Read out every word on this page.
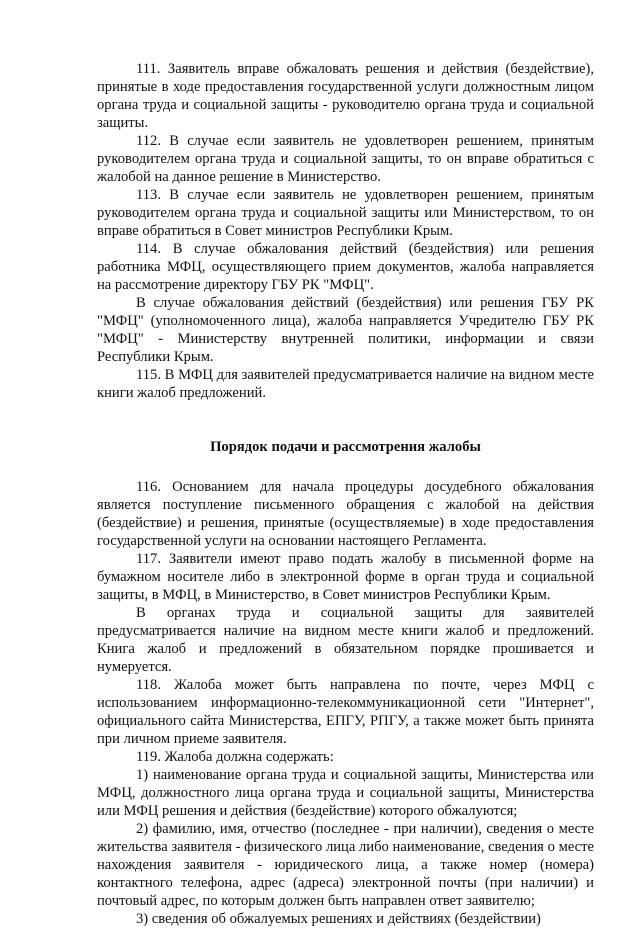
111. Заявитель вправе обжаловать решения и действия (бездействие), принятые в ходе предоставления государственной услуги должностным лицом органа труда и социальной защиты - руководителю органа труда и социальной защиты.

112. В случае если заявитель не удовлетворен решением, принятым руководителем органа труда и социальной защиты, то он вправе обратиться с жалобой на данное решение в Министерство.

113. В случае если заявитель не удовлетворен решением, принятым руководителем органа труда и социальной защиты или Министерством, то он вправе обратиться в Совет министров Республики Крым.

114. В случае обжалования действий (бездействия) или решения работника МФЦ, осуществляющего прием документов, жалоба направляется на рассмотрение директору ГБУ РК "МФЦ".

В случае обжалования действий (бездействия) или решения ГБУ РК "МФЦ" (уполномоченного лица), жалоба направляется Учредителю ГБУ РК "МФЦ" - Министерству внутренней политики, информации и связи Республики Крым.

115. В МФЦ для заявителей предусматривается наличие на видном месте книги жалоб предложений.

Порядок подачи и рассмотрения жалобы

116. Основанием для начала процедуры досудебного обжалования является поступление письменного обращения с жалобой на действия (бездействие) и решения, принятые (осуществляемые) в ходе предоставления государственной услуги на основании настоящего Регламента.

117. Заявители имеют право подать жалобу в письменной форме на бумажном носителе либо в электронной форме в орган труда и социальной защиты, в МФЦ, в Министерство, в Совет министров Республики Крым.

В органах труда и социальной защиты для заявителей предусматривается наличие на видном месте книги жалоб и предложений. Книга жалоб и предложений в обязательном порядке прошивается и нумеруется.

118. Жалоба может быть направлена по почте, через МФЦ с использованием информационно-телекоммуникационной сети "Интернет", официального сайта Министерства, ЕПГУ, РПГУ, а также может быть принята при личном приеме заявителя.

119. Жалоба должна содержать:

1) наименование органа труда и социальной защиты, Министерства или МФЦ, должностного лица органа труда и социальной защиты, Министерства или МФЦ решения и действия (бездействие) которого обжалуются;

2) фамилию, имя, отчество (последнее - при наличии), сведения о месте жительства заявителя - физического лица либо наименование, сведения о месте нахождения заявителя - юридического лица, а также номер (номера) контактного телефона, адрес (адреса) электронной почты (при наличии) и почтовый адрес, по которым должен быть направлен ответ заявителю;

3) сведения об обжалуемых решениях и действиях (бездействии)
